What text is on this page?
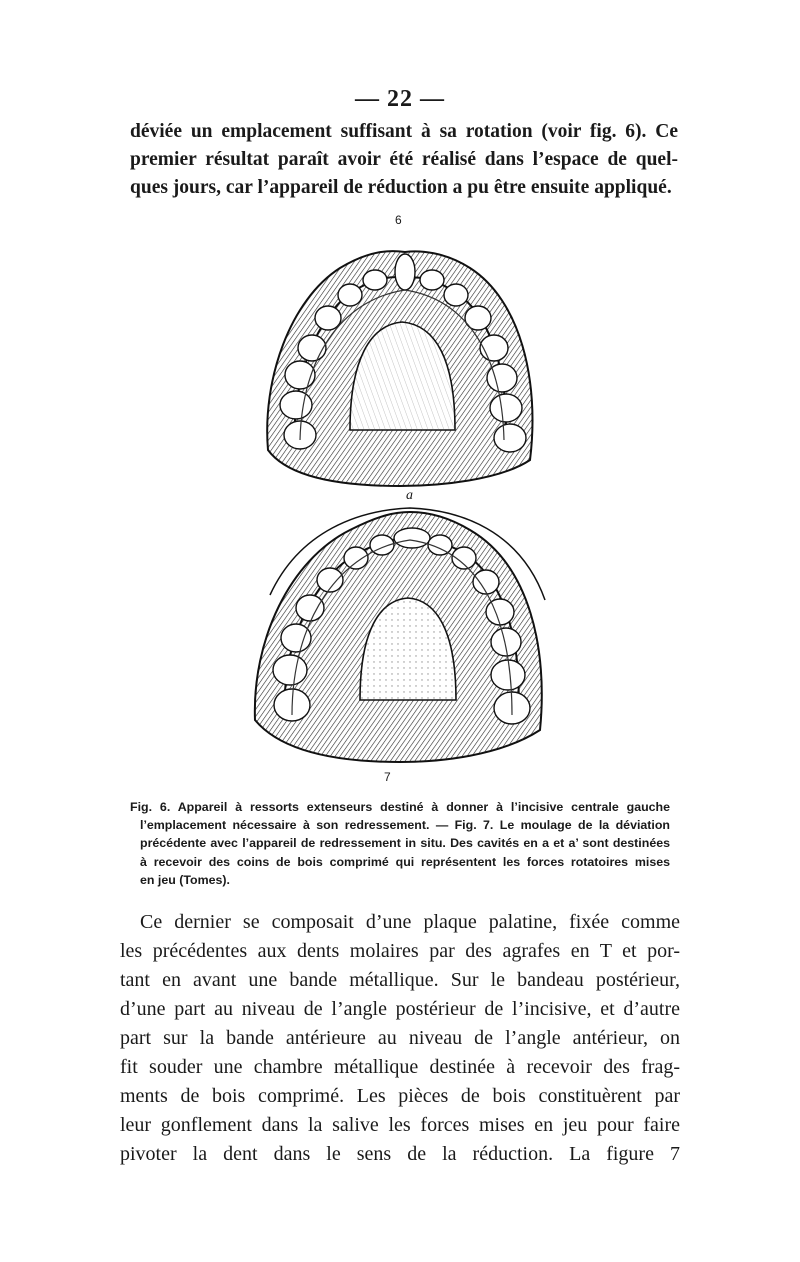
— 22 —
déviée un emplacement suffisant à sa rotation (voir fig. 6). Ce
premier résultat paraît avoir été réalisé dans l’espace de quel-
ques jours, car l’appareil de réduction a pu être ensuite appliqué.
6
a
7
Fig. 6. Appareil à ressorts extenseurs destiné à donner à l’incisive centrale gauche
l’emplacement nécessaire à son redressement. — Fig. 7. Le moulage de la déviation
précédente avec l’appareil de redressement in situ. Des cavités en a et a’ sont destinées
à recevoir des coins de bois comprimé qui représentent les forces rotatoires mises
en jeu (Tomes).
Ce dernier se composait d’une plaque palatine, fixée comme
les précédentes aux dents molaires par des agrafes en T et por-
tant en avant une bande métallique. Sur le bandeau postérieur,
d’une part au niveau de l’angle postérieur de l’incisive, et d’autre
part sur la bande antérieure au niveau de l’angle antérieur, on
fit souder une chambre métallique destinée à recevoir des frag-
ments de bois comprimé. Les pièces de bois constituèrent par
leur gonflement dans la salive les forces mises en jeu pour faire
pivoter la dent dans le sens de la réduction. La figure 7
